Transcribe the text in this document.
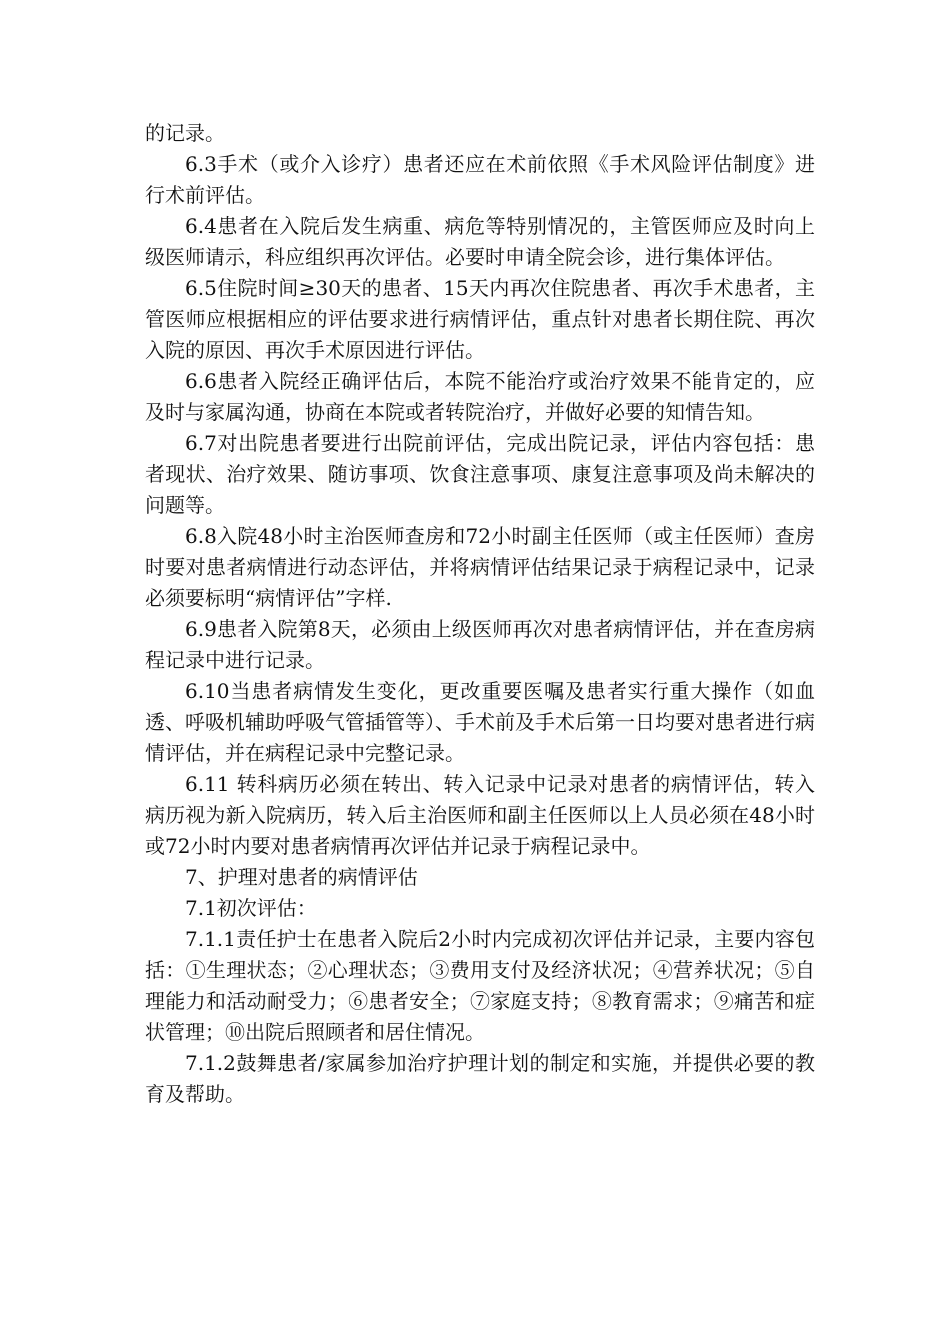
的记录。

6.3手术（或介入诊疗）患者还应在术前依照《手术风险评估制度》进行术前评估。

6.4患者在入院后发生病重、病危等特别情况的，主管医师应及时向上级医师请示，科应组织再次评估。必要时申请全院会诊，进行集体评估。

6.5住院时间≥30天的患者、15天内再次住院患者、再次手术患者，主管医师应根据相应的评估要求进行病情评估，重点针对患者长期住院、再次入院的原因、再次手术原因进行评估。

6.6患者入院经正确评估后，本院不能治疗或治疗效果不能肯定的，应及时与家属沟通，协商在本院或者转院治疗，并做好必要的知情告知。

6.7对出院患者要进行出院前评估，完成出院记录，评估内容包括：患者现状、治疗效果、随访事项、饮食注意事项、康复注意事项及尚未解决的问题等。

6.8入院48小时主治医师查房和72小时副主任医师（或主任医师）查房时要对患者病情进行动态评估，并将病情评估结果记录于病程记录中，记录必须要标明“病情评估”字样.

6.9患者入院第8天，必须由上级医师再次对患者病情评估，并在查房病程记录中进行记录。

6.10当患者病情发生变化，更改重要医嘱及患者实行重大操作（如血透、呼吸机辅助呼吸气管插管等）、手术前及手术后第一日均要对患者进行病情评估，并在病程记录中完整记录。

6.11 转科病历必须在转出、转入记录中记录对患者的病情评估，转入病历视为新入院病历，转入后主治医师和副主任医师以上人员必须在48小时或72小时内要对患者病情再次评估并记录于病程记录中。

7、护理对患者的病情评估

7.1初次评估：

7.1.1责任护士在患者入院后2小时内完成初次评估并记录，主要内容包括：①生理状态；②心理状态；③费用支付及经济状况；④营养状况；⑤自理能力和活动耐受力；⑥患者安全；⑦家庭支持；⑧教育需求；⑨痛苦和症状管理；⑩出院后照顾者和居住情况。

7.1.2鼓舞患者/家属参加治疗护理计划的制定和实施，并提供必要的教育及帮助。
